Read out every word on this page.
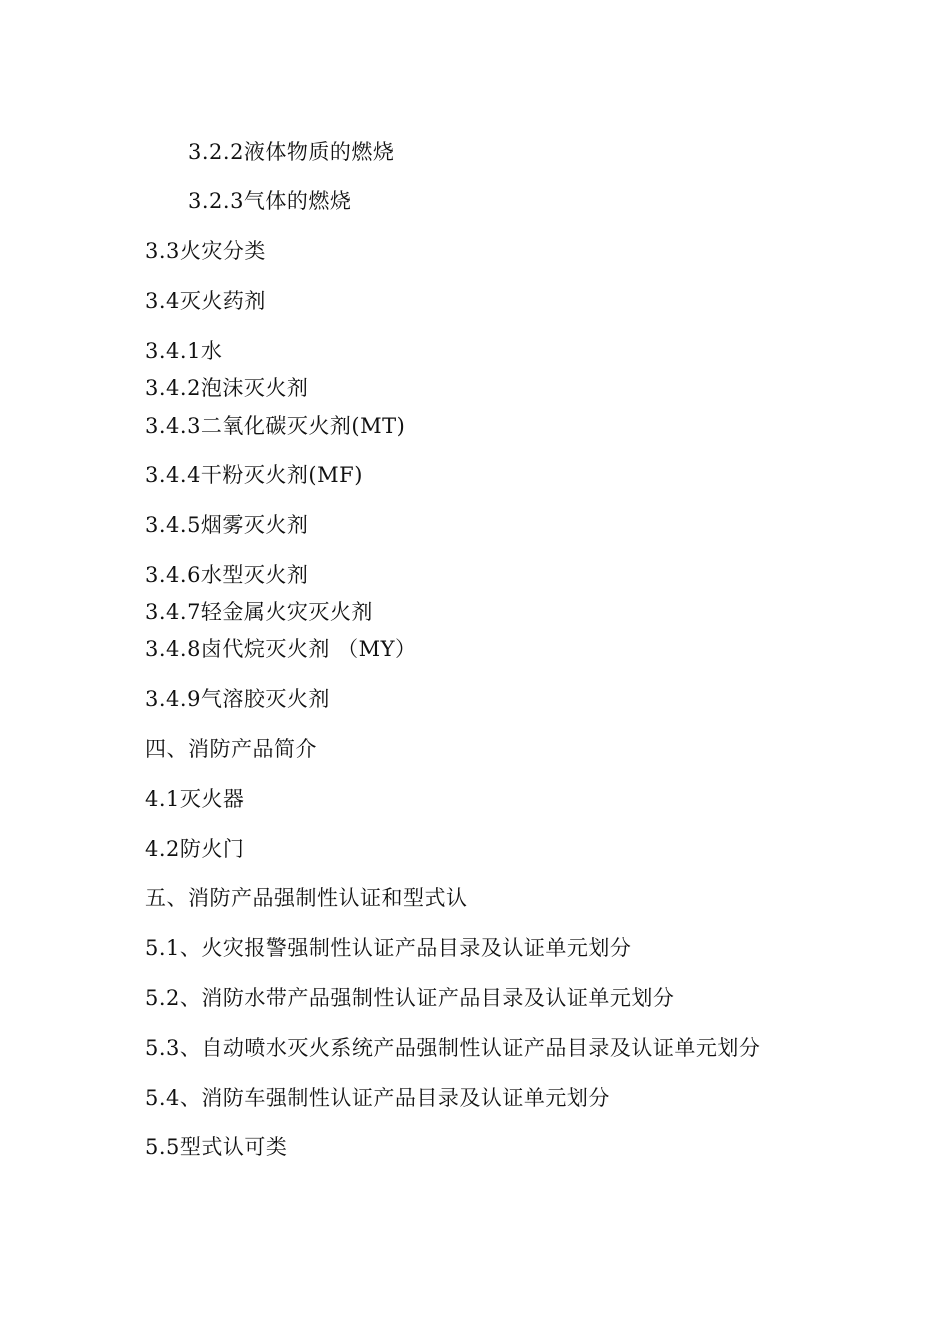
3.2.2液体物质的燃烧
3.2.3气体的燃烧
3.3火灾分类
3.4灭火药剂
3.4.1水
3.4.2泡沫灭火剂
3.4.3二氧化碳灭火剂(MT)
3.4.4干粉灭火剂(MF)
3.4.5烟雾灭火剂
3.4.6水型灭火剂
3.4.7轻金属火灾灭火剂
3.4.8卤代烷灭火剂 （MY）
3.4.9气溶胶灭火剂
四、消防产品简介
4.1灭火器
4.2防火门
五、消防产品强制性认证和型式认
5.1、火灾报警强制性认证产品目录及认证单元划分
5.2、消防水带产品强制性认证产品目录及认证单元划分
5.3、自动喷水灭火系统产品强制性认证产品目录及认证单元划分
5.4、消防车强制性认证产品目录及认证单元划分
5.5型式认可类
